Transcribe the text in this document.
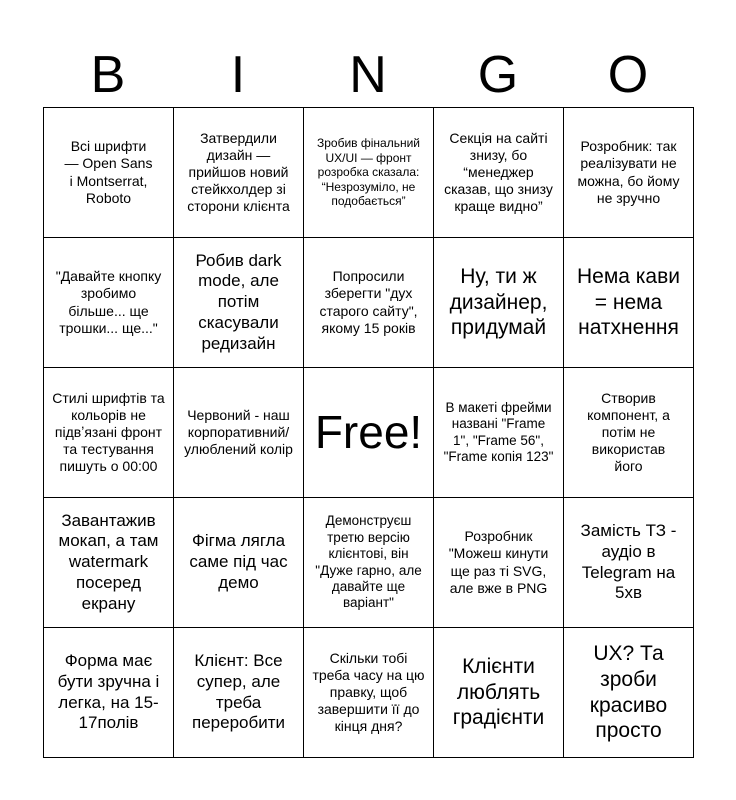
B	I	N	G	O
Всі шрифти — Open Sans і Montserrat, Roboto
Затвердили дизайн — прийшов новий стейкхолдер зі сторони клієнта
Зробив фінальний UX/UI — фронт розробка сказала: “Незрозуміло, не подобається”
Секція на сайті знизу, бо “менеджер сказав, що знизу краще видно”
Розробник: так реалізувати не можна, бо йому не зручно
"Давайте кнопку зробимо більше... ще трошки... ще..."
Робив dark mode, але потім скасували редизайн
Попросили зберегти "дух старого сайту", якому 15 років
Ну, ти ж дизайнер, придумай
Нема кави = нема натхнення
Стилі шрифтів та кольорів не підвʼязані фронт та тестування пишуть о 00:00
Червоний - наш корпоративний/улюблений колір Free! В макеті фрейми названі "Frame 1", "Frame 56", "Frame копія 123"
Створив компонент, а потім не використав його
Завантажив мокап, а там watermark посеред екрану
Фігма лягла саме під час демо
Демонструєш третю версію клієнтові, він "Дуже гарно, але давайте ще варіант"
Розробник "Можеш кинути ще раз ті SVG, але вже в PNG
Замість ТЗ - аудіо в Telegram на 5хв
Форма має бути зручна і легка, на 15-17полів
Клієнт: Все супер, але треба переробити
Скільки тобі треба часу на цю правку, щоб завершити її до кінця дня?
Клієнти люблять градієнти
UX? Та зроби красиво просто
